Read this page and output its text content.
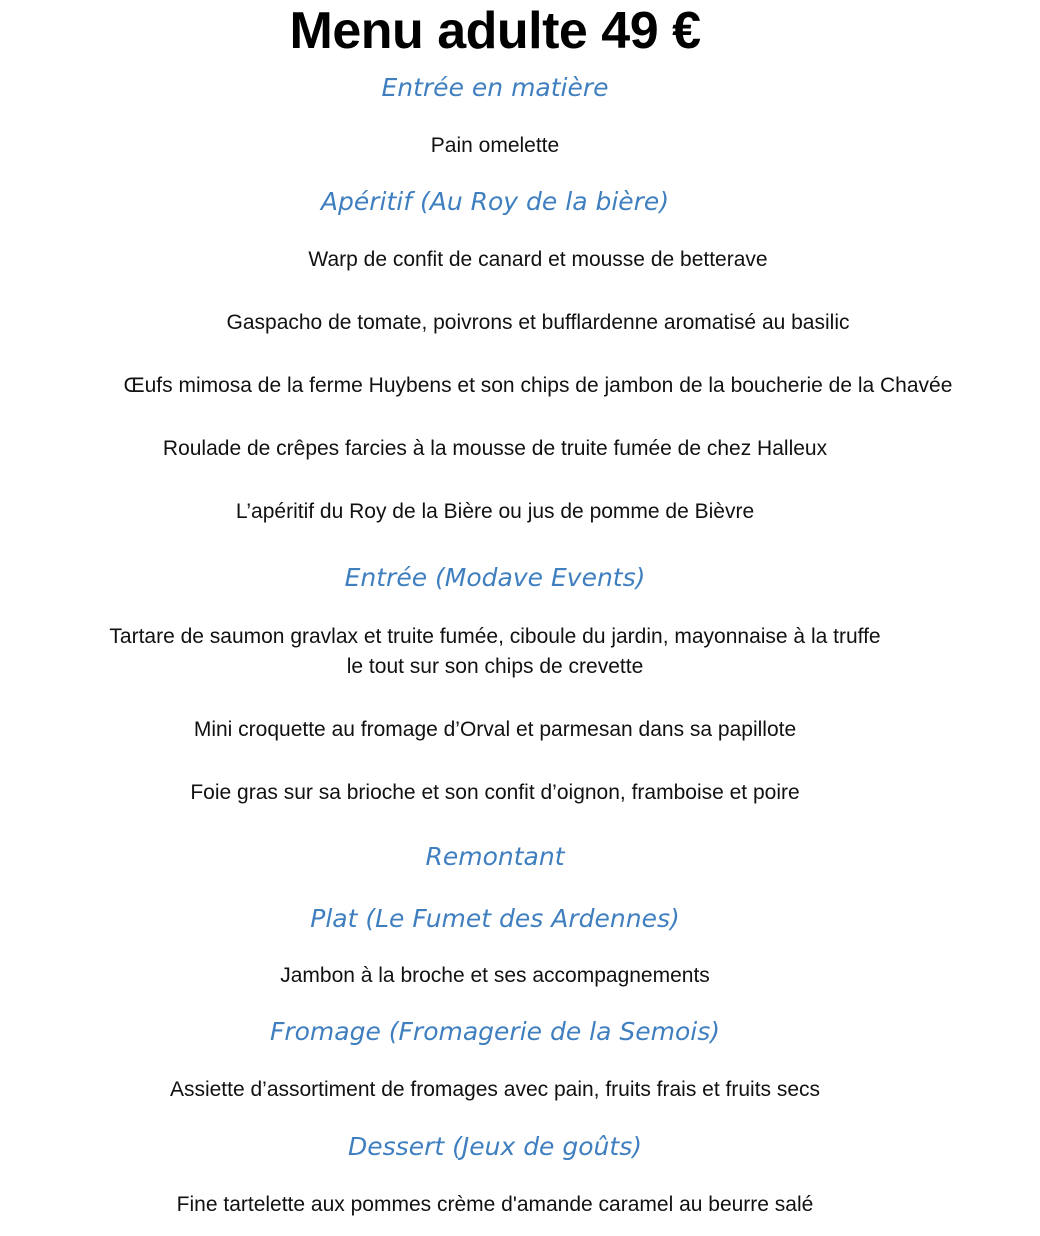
Menu adulte 49 €
Entrée en matière
Pain omelette
Apéritif (Au Roy de la bière)
Warp de confit de canard et mousse de betterave
Gaspacho de tomate, poivrons et bufflardenne aromatisé au basilic
Œufs mimosa de la ferme Huybens et son chips de jambon de la boucherie de la Chavée
Roulade de crêpes farcies à la mousse de truite fumée de chez Halleux
L’apéritif du Roy de la Bière ou jus de pomme de Bièvre
Entrée (Modave Events)
Tartare de saumon gravlax et truite fumée, ciboule du jardin, mayonnaise à la truffe
le tout sur son chips de crevette
Mini croquette au fromage d’Orval et parmesan dans sa papillote
Foie gras sur sa brioche et son confit d’oignon, framboise et poire
Remontant
Plat (Le Fumet des Ardennes)
Jambon à la broche et ses accompagnements
Fromage (Fromagerie de la Semois)
Assiette d’assortiment de fromages avec pain, fruits frais et fruits secs
Dessert (Jeux de goûts)
Fine tartelette aux pommes crème d'amande caramel au beurre salé
